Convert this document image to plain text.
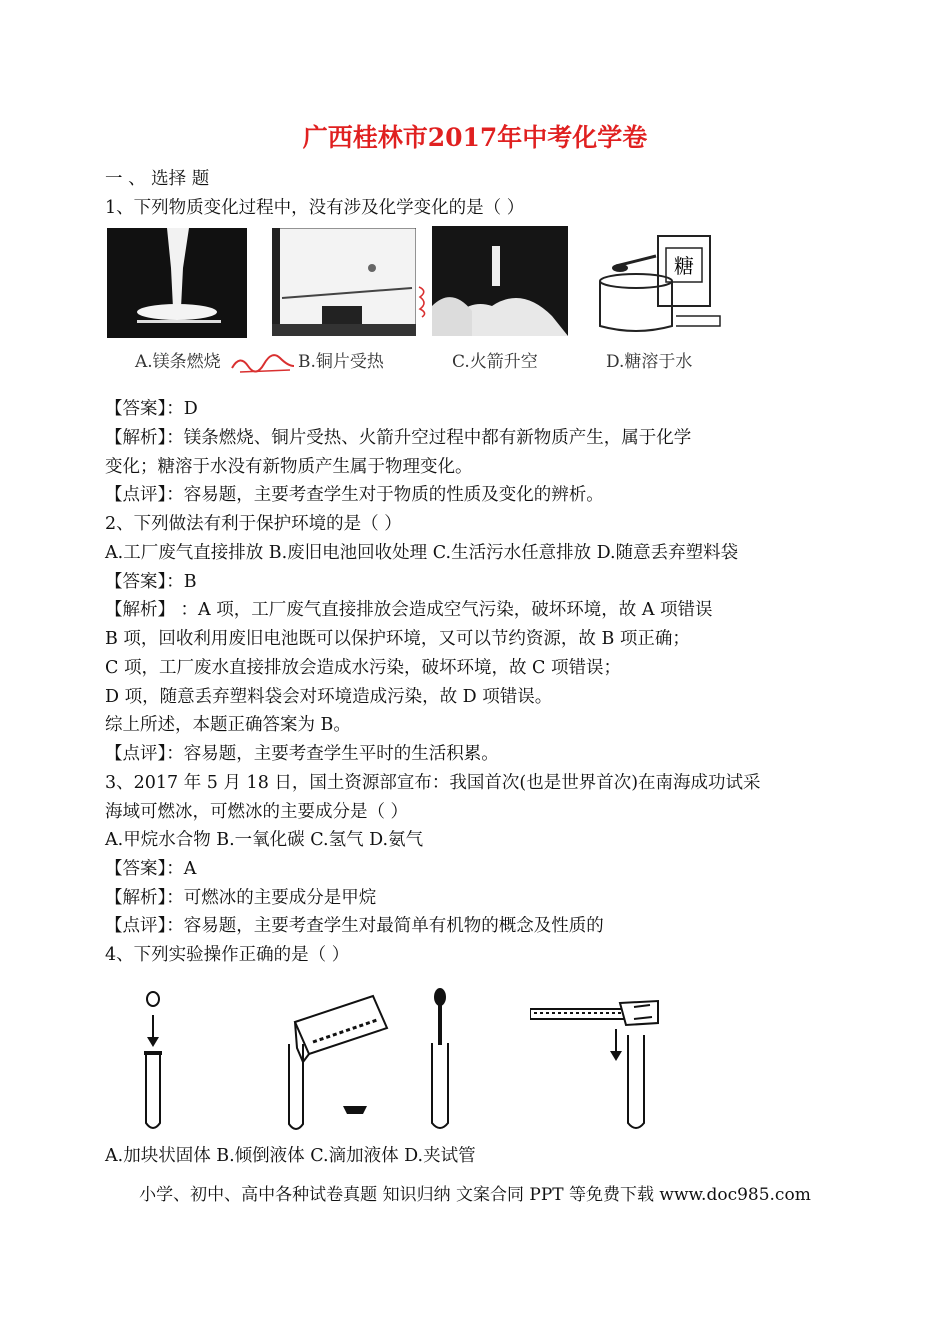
广西桂林市2017年中考化学卷
一 、 选择 题
1、下列物质变化过程中，没有涉及化学变化的是（ ）
糖
A.镁条燃烧	B.铜片受热	C.火箭升空	D.糖溶于水
【答案】：D
【解析】：镁条燃烧、铜片受热、火箭升空过程中都有新物质产生，属于化学
变化；糖溶于水没有新物质产生属于物理变化。
【点评】：容易题，主要考查学生对于物质的性质及变化的辨析。
2、下列做法有利于保护环境的是（ ）
A.工厂废气直接排放 B.废旧电池回收处理 C.生活污水任意排放 D.随意丢弃塑料袋
【答案】：B
【解析】 ：A 项，工厂废气直接排放会造成空气污染，破坏环境，故 A 项错误
B 项，回收利用废旧电池既可以保护环境，又可以节约资源，故 B 项正确；
C 项，工厂废水直接排放会造成水污染，破坏环境，故 C 项错误；
D 项，随意丢弃塑料袋会对环境造成污染，故 D 项错误。
综上所述，本题正确答案为 B。
【点评】：容易题，主要考查学生平时的生活积累。
3、2017 年 5 月 18 日，国土资源部宣布：我国首次(也是世界首次)在南海成功试采
海域可燃冰，可燃冰的主要成分是（ ）
A.甲烷水合物 B.一氧化碳 C.氢气 D.氨气
【答案】：A
【解析】：可燃冰的主要成分是甲烷
【点评】：容易题，主要考查学生对最简单有机物的概念及性质的
4、下列实验操作正确的是（ ）
A.加块状固体 B.倾倒液体 C.滴加液体 D.夹试管
小学、初中、高中各种试卷真题 知识归纳 文案合同 PPT 等免费下载 www.doc985.com
